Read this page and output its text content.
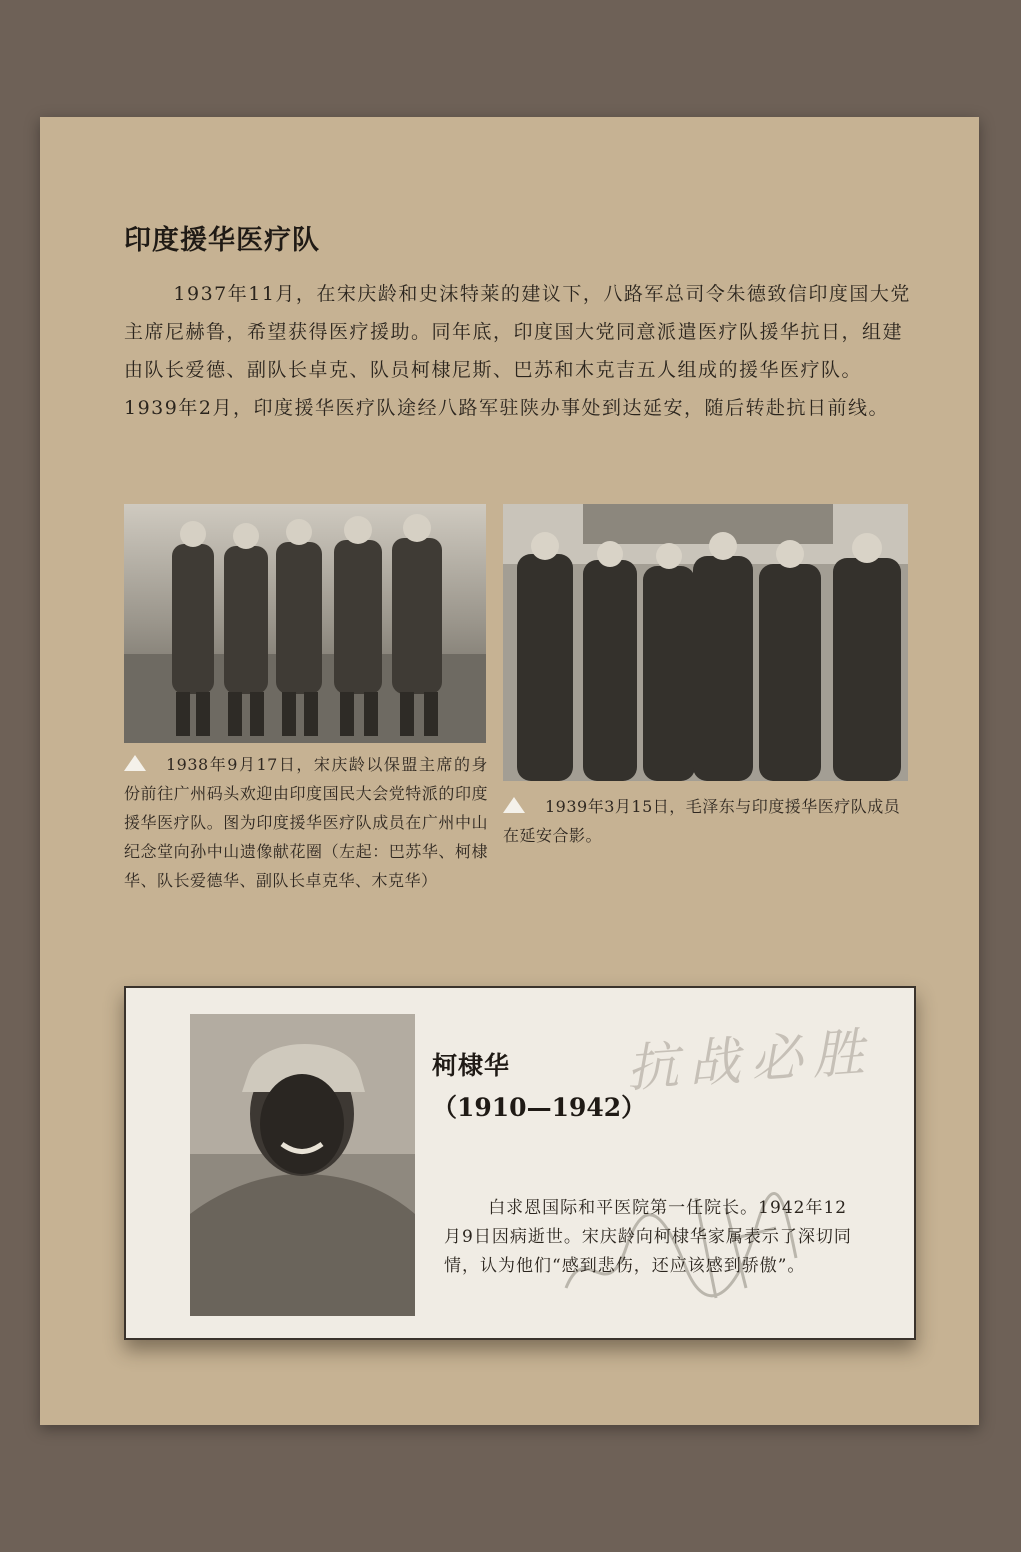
印度援华医疗队

1937年11月，在宋庆龄和史沫特莱的建议下，八路军总司令朱德致信印度国大党主席尼赫鲁，希望获得医疗援助。同年底，印度国大党同意派遣医疗队援华抗日，组建由队长爱德、副队长卓克、队员柯棣尼斯、巴苏和木克吉五人组成的援华医疗队。1939年2月，印度援华医疗队途经八路军驻陕办事处到达延安，随后转赴抗日前线。

1938年9月17日，宋庆龄以保盟主席的身份前往广州码头欢迎由印度国民大会党特派的印度援华医疗队。图为印度援华医疗队成员在广州中山纪念堂向孙中山遗像献花圈（左起：巴苏华、柯棣华、队长爱德华、副队长卓克华、木克华）

1939年3月15日，毛泽东与印度援华医疗队成员在延安合影。

抗战必胜
柯棣华
（1910—1942）

白求恩国际和平医院第一任院长。1942年12月9日因病逝世。宋庆龄向柯棣华家属表示了深切同情，认为他们“感到悲伤，还应该感到骄傲”。
